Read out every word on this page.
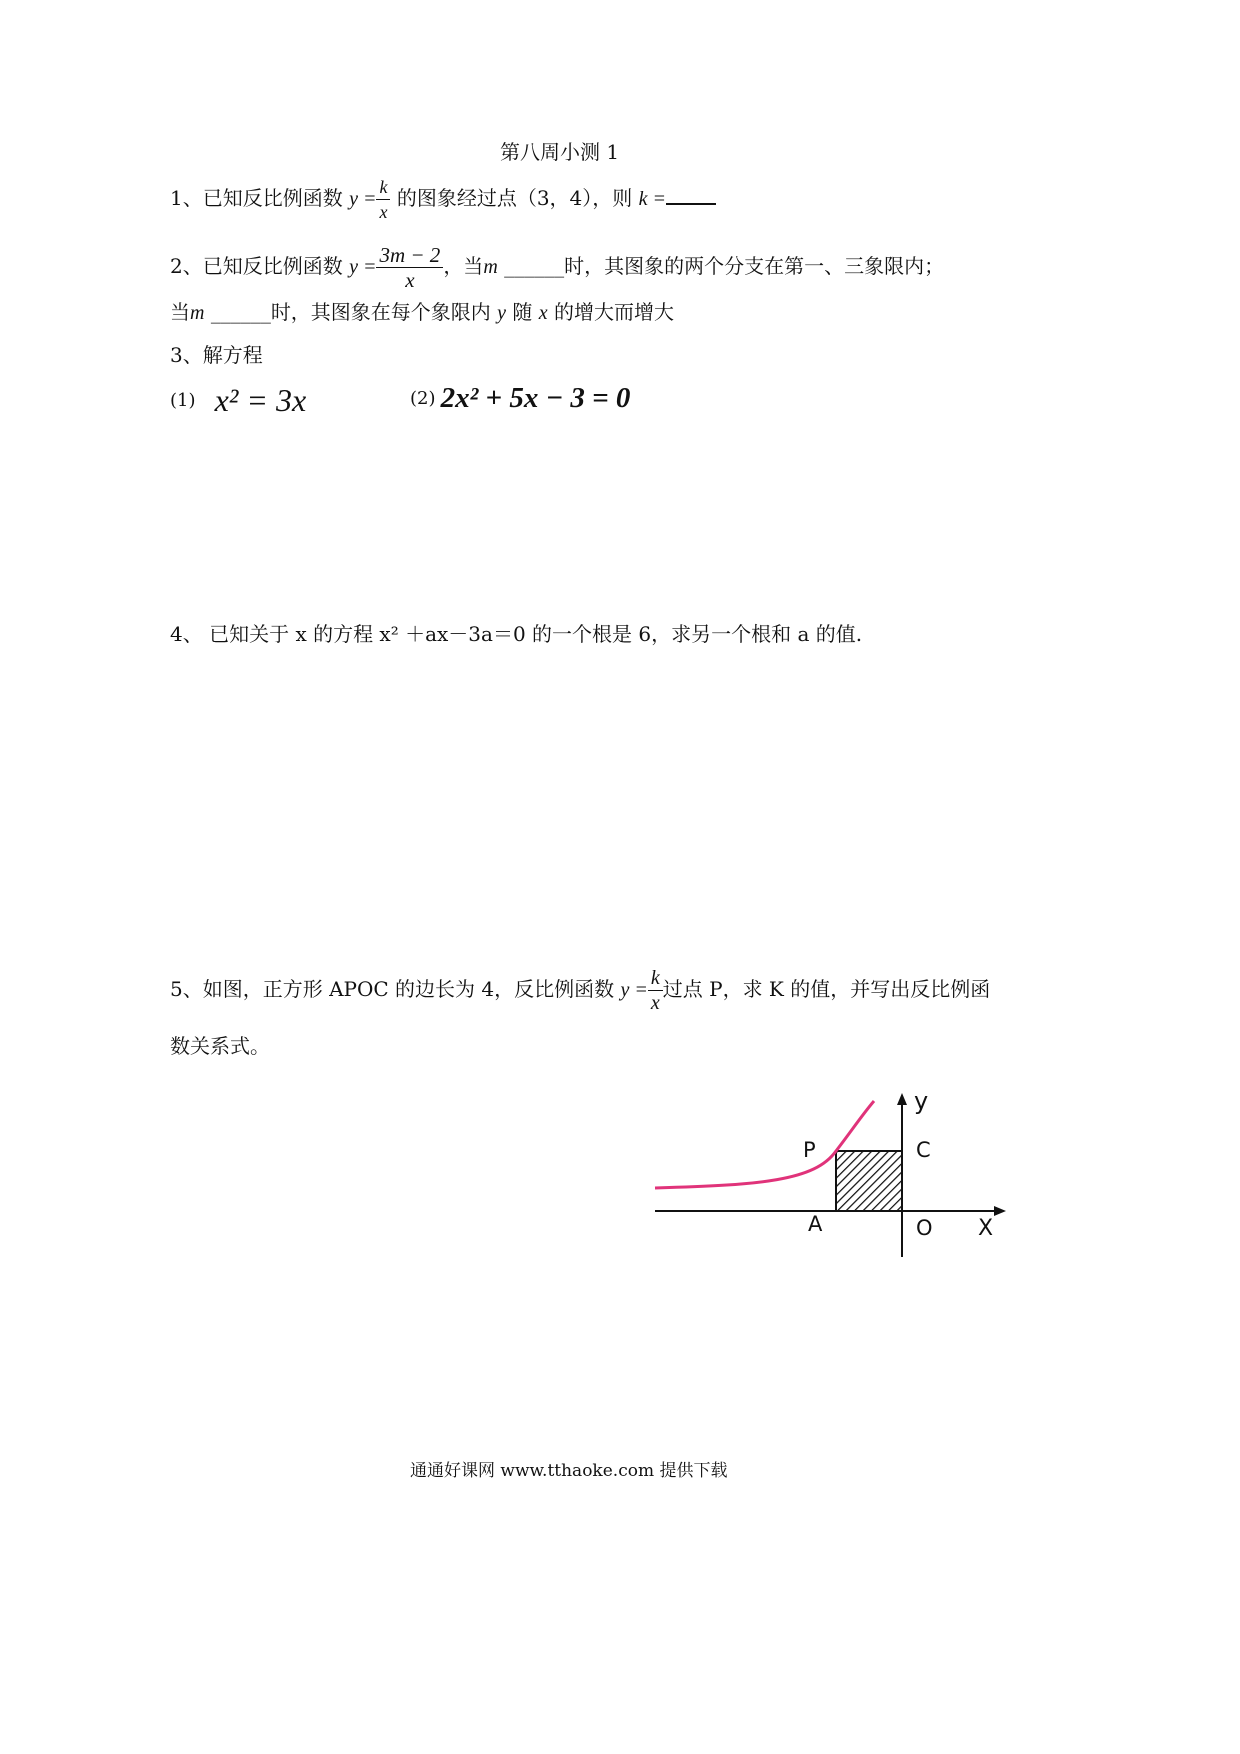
第八周小测 1
1、已知反比例函数 $y = \frac{k}{x}$ 的图象经过点（3，4），则 k =
2、已知反比例函数 $y = \frac{3m - 2}{x}$ ，当m ______时，其图象的两个分支在第一、三象限内；
当m ______时，其图象在每个象限内 y 随 x 的增大而增大
3、解方程
(1) x² = 3x	(2) 2x² + 5x − 3 = 0
4、 已知关于 x 的方程 x² ＋ax－3a＝0 的一个根是 6，求另一个根和 a 的值.
5、如图，正方形 APOC 的边长为 4，反比例函数 $y = \frac{k}{x}$ 过点 P，求 K 的值，并写出反比例函
数关系式。
P	C
A	O X
y
通通好课网 www.tthaoke.com 提供下载
